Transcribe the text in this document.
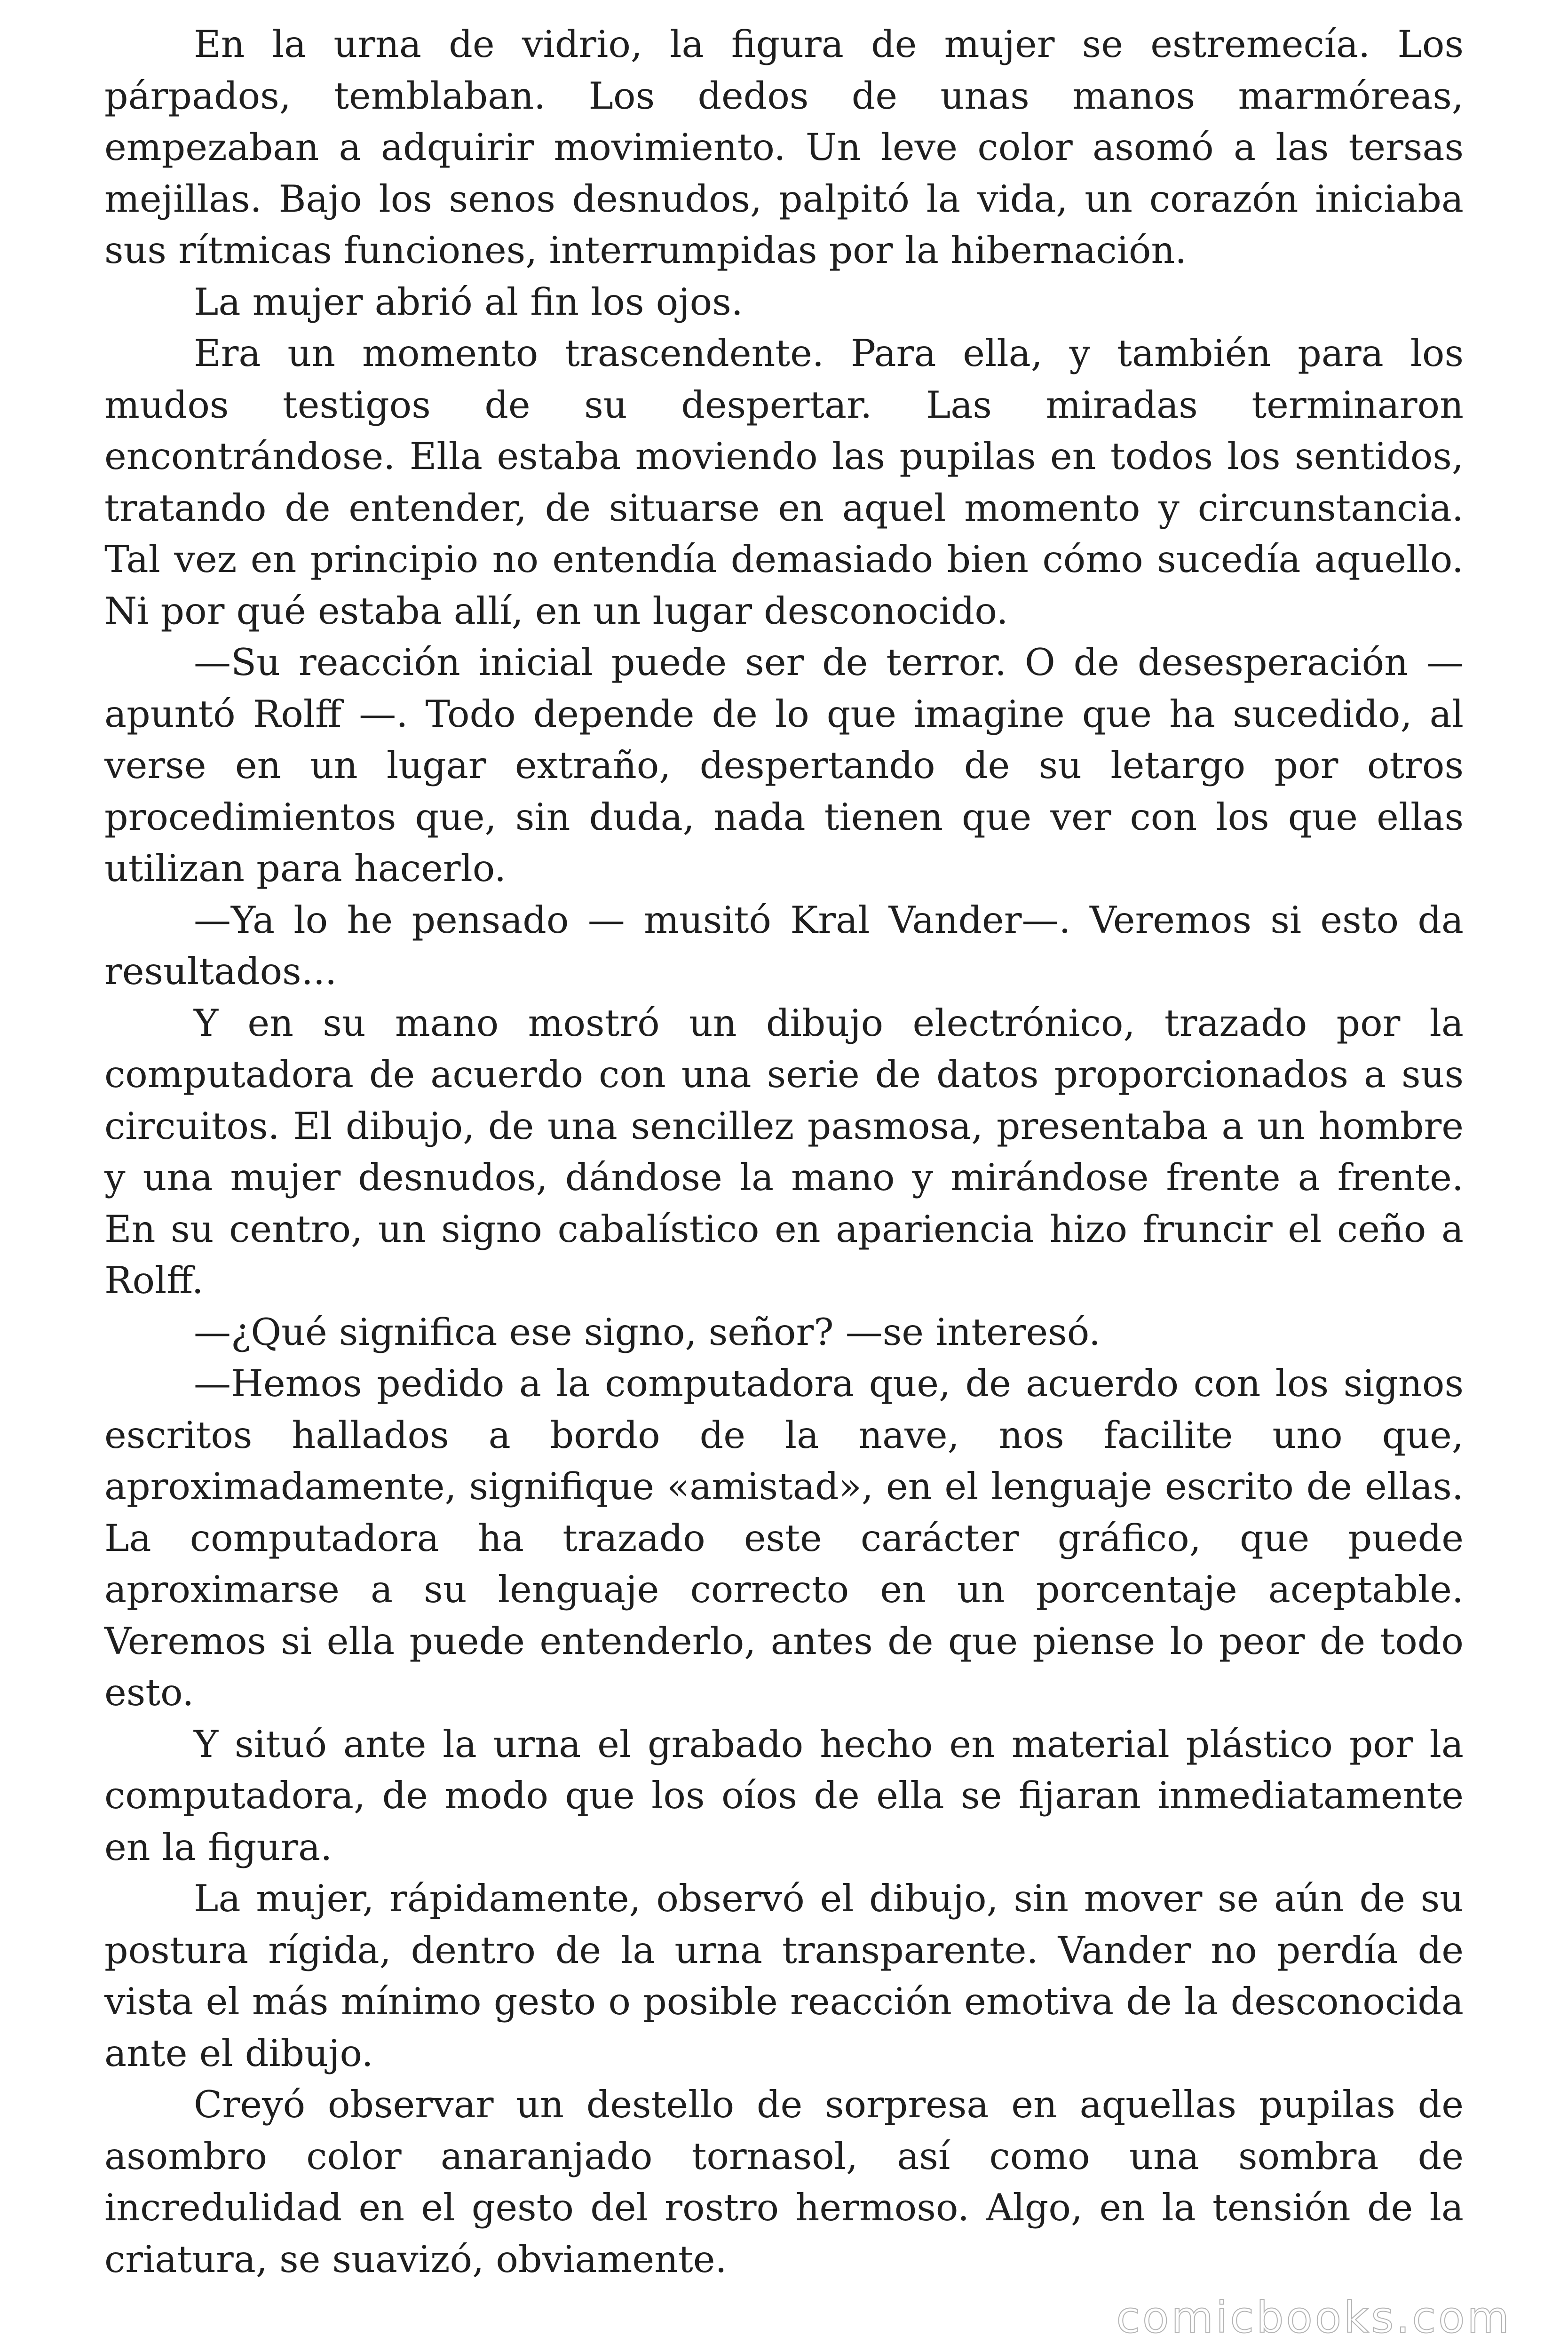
En la urna de vidrio, la figura de mujer se estremecía. Los párpados, temblaban. Los dedos de unas manos marmóreas, empezaban a adquirir movimiento. Un leve color asomó a las tersas mejillas. Bajo los senos desnudos, palpitó la vida, un corazón iniciaba sus rítmicas funciones, interrumpidas por la hibernación.

La mujer abrió al fin los ojos.

Era un momento trascendente. Para ella, y también para los mudos testigos de su despertar. Las miradas terminaron encontrándose. Ella estaba moviendo las pupilas en todos los sentidos, tratando de entender, de situarse en aquel momento y circunstancia. Tal vez en principio no entendía demasiado bien cómo sucedía aquello. Ni por qué estaba allí, en un lugar desconocido.

—Su reacción inicial puede ser de terror. O de desesperación — apuntó Rolff —. Todo depende de lo que imagine que ha sucedido, al verse en un lugar extraño, despertando de su letargo por otros procedimientos que, sin duda, nada tienen que ver con los que ellas utilizan para hacerlo.

—Ya lo he pensado — musitó Kral Vander—. Veremos si esto da resultados...

Y en su mano mostró un dibujo electrónico, trazado por la computadora de acuerdo con una serie de datos proporcionados a sus circuitos. El dibujo, de una sencillez pasmosa, presentaba a un hombre y una mujer desnudos, dándose la mano y mirándose frente a frente. En su centro, un signo cabalístico en apariencia hizo fruncir el ceño a Rolff.

—¿Qué significa ese signo, señor? —se interesó.

—Hemos pedido a la computadora que, de acuerdo con los signos escritos hallados a bordo de la nave, nos facilite uno que, aproximadamente, signifique «amistad», en el lenguaje escrito de ellas. La computadora ha trazado este carácter gráfico, que puede aproximarse a su lenguaje correcto en un porcentaje aceptable. Veremos si ella puede entenderlo, antes de que piense lo peor de todo esto.

Y situó ante la urna el grabado hecho en material plástico por la computadora, de modo que los oíos de ella se fijaran inmediatamente en la figura.

La mujer, rápidamente, observó el dibujo, sin mover se aún de su postura rígida, dentro de la urna transparente. Vander no perdía de vista el más mínimo gesto o posible reacción emotiva de la desconocida ante el dibujo.

Creyó observar un destello de sorpresa en aquellas pupilas de asombro color anaranjado tornasol, así como una sombra de incredulidad en el gesto del rostro hermoso. Algo, en la tensión de la criatura, se suavizó, obviamente.

comicbooks.com
